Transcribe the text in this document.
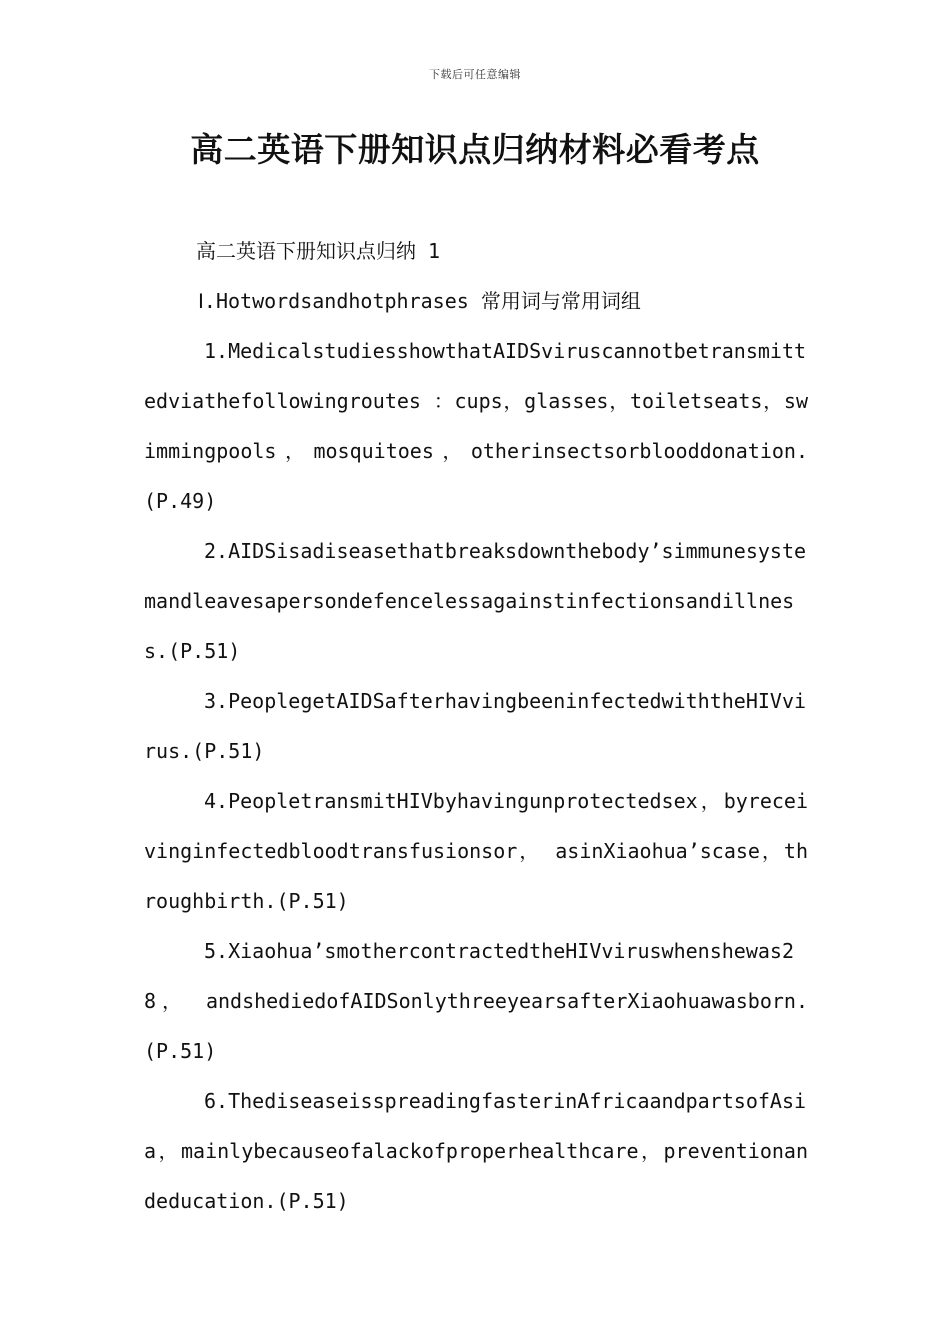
下载后可任意编辑
高二英语下册知识点归纳材料必看考点

高二英语下册知识点归纳 1

Ⅰ.Hotwordsandhotphrases 常用词与常用词组

1.MedicalstudiesshowthatAIDSviruscannotbetransmittedviathefollowingroutes ：cups，glasses，toiletseats，swimmingpools，mosquitoes，otherinsectsorblooddonation.(P.49)

2.AIDSisadiseasethatbreaksdownthebody’simmunesystemandleavesapersondefencelessagainstinfectionsandillness.(P.51)

3.PeoplegetAIDSafterhavingbeeninfectedwiththeHIVvirus.(P.51)

4.PeopletransmitHIVbyhavingunprotectedsex，byreceivinginfectedbloodtransfusionsor， asinXiaohua’scase，throughbirth.(P.51)

5.Xiaohua’smothercontractedtheHIVviruswhenshewas28， andshediedofAIDSonlythreeyearsafterXiaohuawasborn.(P.51)

6.ThediseaseisspreadingfasterinAfricaandpartsofAsia，mainlybecauseofalackofproperhealthcare，preventionandeducation.(P.51)
